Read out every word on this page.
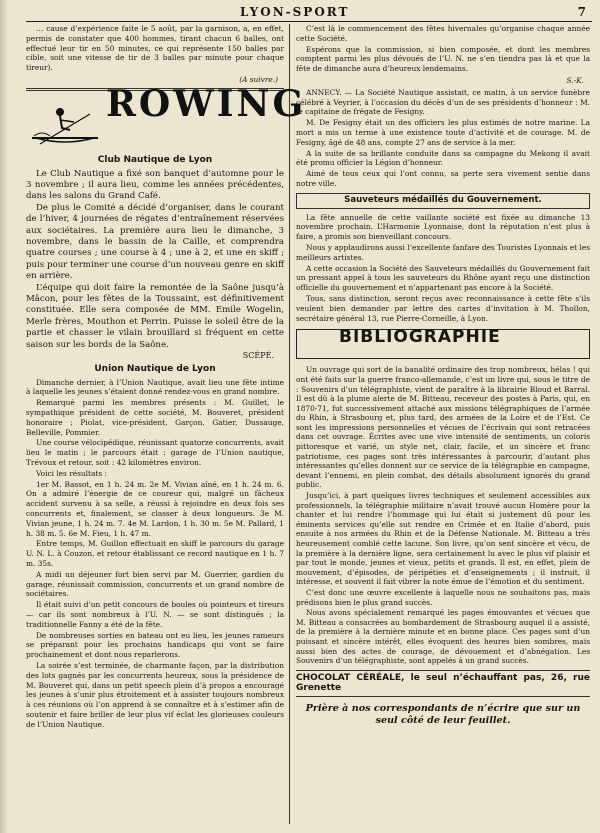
LYON-SPORT	7

… cause d’expérience faite le 5 août, par la garnison, a, en effet, permis de constater que 400 hommes, tirant chacun 6 balles, ont effectué leur tir en 50 minutes, ce qui représente 150 balles par cible, soit une vitesse de tir de 3 balles par minute pour chaque tireur).

(A suivre.)
ROWING
Club Nautique de Lyon

Le Club Nautique a fixé son banquet d’automne pour le 3 novembre ; il aura lieu, comme les années précédentes, dans les salons du Grand Café.

De plus le Comité a décidé d’organiser, dans le courant de l’hiver, 4 journées de régates d’entraînement réservées aux sociétaires. La première aura lieu le dimanche, 3 novembre, dans le bassin de la Caille, et comprendra quatre courses ; une course à 4 ; une à 2, et une en skiff ; puis pour terminer une course d’un nouveau genre en skiff en arrière.

L’équipe qui doit faire la remontée de la Saône jusqu’à Mâcon, pour les fêtes de la Toussaint, est définitivement constituée. Elle sera composée de MM. Emile Wogelin, Merle frères, Mouthon et Perrin. Puisse le soleil être de la partie et chasser le vilain brouillard si fréquent en cette saison sur les bords de la Saône.

SCÉPÉ.
Union Nautique de Lyon

Dimanche dernier, à l’Union Nautique, avait lieu une fête intime à laquelle les jeunes s’étaient donné rendez-vous en grand nombre.

Remarqué parmi les membres présents : M. Guillet, le sympathique président de cette société, M. Bouveret, président honoraire ; Piolat, vice-président, Garçon, Gatier, Dussauge, Belleville, Pommier.

Une course vélocipédique, réunissant quatorze concurrents, avait lieu le matin ; le parcours était : garage de l’Union nautique, Trévoux et retour, soit : 42 kilomètres environ.

Voici les résultats :

1er M. Bassot, en 1 h. 24 m. 2e M. Vivian aîné, en 1 h. 24 m. 6. On a admiré l’énergie de ce coureur qui, malgré un fâcheux accident survenu à sa selle, a réussi à rejoindre en deux fois ses concurrents et, finalement, se classer à deux longueurs. 3e M. Vivian jeune, 1 h. 24 m. 7. 4e M. Lardon, 1 h. 30 m. 5e M. Pallard, 1 h. 38 m. 5. 6e M. Fieu, 1 h. 47 m.

Entre temps, M. Guillon effectuait en skiff le parcours du garage U. N. L. à Couzon, et retour établissant ce record nautique en 1 h. 7 m. 35s.

A midi un déjeuner fort bien servi par M. Guerrier, gardien du garage, réunissait commission, concurrents et un grand nombre de sociétaires.

Il était suivi d’un petit concours de boules où pointeurs et tireurs — car ils sont nombreux à l’U. N. — se sont distingués ; la traditionnelle Fanny a été de la fête.

De nombreuses sorties en bateau ont eu lieu, les jeunes rameurs se préparant pour les prochains handicaps qui vont se faire prochainement et dont nous reparlerons.

La soirée s’est terminée, de charmante façon, par la distribution des lots gagnés par les concurrents heureux, sous la présidence de M. Bouveret qui, dans un petit speech plein d’à propos a encouragé les jeunes à s’unir plus étroitement et à assister toujours nombreux à ces réunions où l’on apprend à se connaître et à s’estimer afin de soutenir et faire briller de leur plus vif éclat les glorieuses couleurs de l’Union Nautique.

C’est là le commencement des fêtes hivernales qu’organise chaque année cette Société.

Espérons que la commission, si bien composée, et dont les membres comptent parmi les plus dévoués de l’U. N. ne s’en tiendra pas là et que la fête de dimanche aura d’heureux lendemains.

S.-K.

ANNECY. — La Société Nautique assistait, ce matin, à un service funèbre célébré à Veyrier, à l’occasion du décès d’un de ses présidents d’honneur : M. le capitaine de frégate de Fesigny.

M. De Fesigny était un des officiers les plus estimés de notre marine. La mort a mis un terme à une existence toute d’activité et de courage. M. de Fesigny, âgé de 48 ans, compte 27 ans de service à la mer.

A la suite de sa brillante conduite dans sa campagne du Mekong il avait été promu officier la Légion d’honneur.

Aimé de tous ceux qui l’ont connu, sa perte sera vivement sentie dans notre ville.

Sauveteurs médaillés du Gouvernement.

La fête annuelle de cette vaillante société est fixée au dimanche 13 novembre prochain. L’Harmonie Lyonnaise, dont la réputation n’est plus à faire, a promis son bienveillant concours.

Nous y applaudirons aussi l’excellente fanfare des Touristes Lyonnais et les meilleurs artistes.

A cette occasion la Société des Sauveteurs médaillés du Gouvernement fait un pressant appel à tous les sauveteurs du Rhône ayant reçu une distinction officielle du gouvernement et n’appartenant pas encore à la Société.

Tous, sans distinction, seront reçus avec reconnaissance à cette fête s’ils veulent bien demander par lettre des cartes d’invitation à M. Thollon, secrétaire général 13, rue Pierre-Corneille, à Lyon.

BIBLIOGRAPHIE

Un ouvrage qui sort de la banalité ordinaire des trop nombreux, hélas ! qui ont été faits sur la guerre franco-allemande, c’est un livre qui, sous le titre de : Souvenirs d’un télégraphiste, vient de paraître à la librairie Bloud et Barral. Il est dû à la plume alerte de M. Bitteau, receveur des postes à Paris, qui, en 1870-71, fut successivement attaché aux missions télégraphiques de l’armée du Rhin, à Strasbourg et, plus tard, des armées de la Loire et de l’Est. Ce sont les impressions personnelles et vécues de l’écrivain qui sont retracées dans cet ouvrage. Écrites avec une vive intensité de sentiments, un coloris pittoresque et varié, un style net, clair, facile, et un sincère et franc patriotisme, ces pages sont très intéressantes à parcourir, d’autant plus intéressantes qu’elles donnent sur ce service de la télégraphie en campagne, devant l’ennemi, en plein combat, des détails absolument ignorés du grand public.

Jusqu’ici, à part quelques livres techniques et seulement accessibles aux professionnels, la télégraphie militaire n’avait trouvé aucun Homère pour la chanter et lui rendre l’hommage qui lui était si justement dû pour les éminents services qu’elle sut rendre en Crimée et en Italie d’abord, puis ensuite à nos armées du Rhin et de la Défense Nationale. M. Bitteau a très heureusement comblé cette lacune. Son livre, qu’on sent sincère et vécu, de la première à la dernière ligne, sera certainement lu avec le plus vif plaisir et par tout le monde, jeunes et vieux, petits et grands. Il est, en effet, plein de mouvement, d’épisodes, de péripéties et d’enseignements ; il instruit, il intéresse, et souvent il fait vibrer la note émue de l’émotion et du sentiment.

C’est donc une œuvre excellente à laquelle nous ne souhaitons pas, mais prédisons bien le plus grand succès.

Nous avons spécialement remarqué les pages émouvantes et vécues que M. Bitteau a consacrées au bombardement de Strasbourg auquel il a assisté, de la première à la dernière minute et en bonne place. Ces pages sont d’un puissant et sincère intérêt, elles évoquent des heures bien sombres, mais aussi bien des actes de courage, de dévouement et d’abnégation. Les Souvenirs d’un télégraphiste, sont appelés à un grand succès.

CHOCOLAT CÉRÉALE, le seul n’échauffant pas, 26, rue Grenette
Prière à nos correspondants de n’écrire que sur un seul côté de leur feuillet.
